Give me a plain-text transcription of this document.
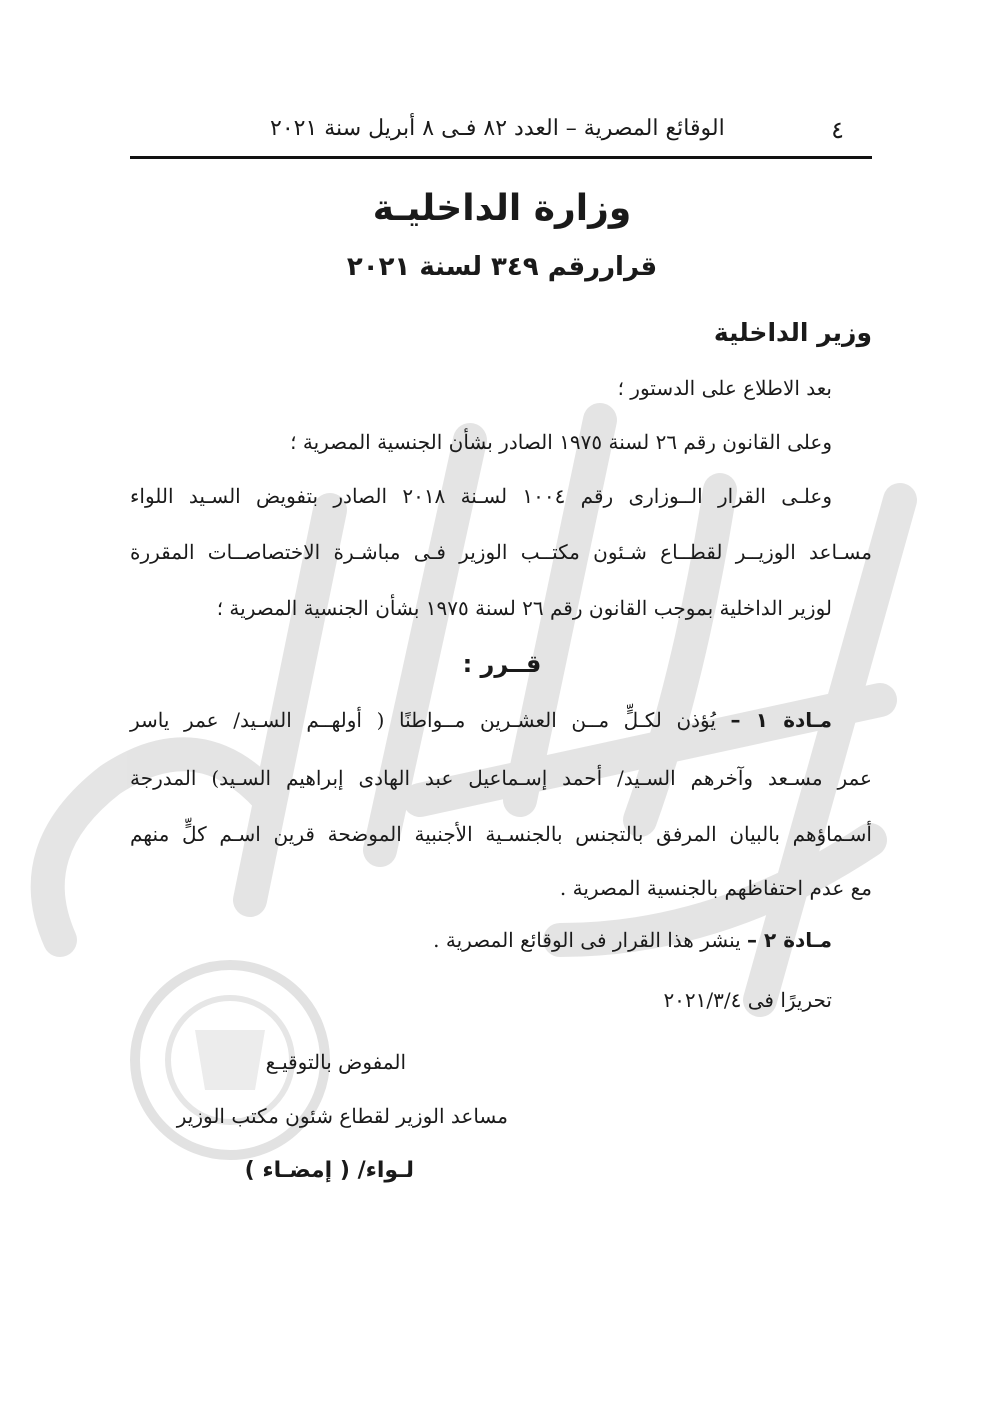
٤
الوقائع المصرية – العدد ٨٢ فـى ٨ أبريل سنة ٢٠٢١
وزارة الداخليـة
قراررقم ٣٤٩ لسنة ٢٠٢١
وزير الداخلية
بعد الاطلاع على الدستور ؛
وعلى القانون رقم ٢٦ لسنة ١٩٧٥ الصادر بشأن الجنسية المصرية ؛
وعلـى القرار الــوزارى رقم ١٠٠٤ لسـنة ٢٠١٨ الصادر بتفويض السـيد اللواء
مسـاعد الوزيــر لقطــاع شـئون مكتــب الوزير فـى مباشـرة الاختصاصــات المقررة
لوزير الداخلية بموجب القانون رقم ٢٦ لسنة ١٩٧٥ بشأن الجنسية المصرية ؛
قــرر :
مـادة ١ – يُؤذن لكـلٍّ مــن العشـرين مــواطنًا ( أولهــم السـيد/ عمر ياسر
عمر مسـعد وآخرهم السـيد/ أحمد إسـماعيل عبد الهادى إبراهيم السـيد) المدرجة
أسـماؤهم بالبيان المرفق بالتجنس بالجنسـية الأجنبية الموضحة قرين اسـم كلٍّ منهم
مع عدم احتفاظهم بالجنسية المصرية .
مـادة ٢ – ينشر هذا القرار فى الوقائع المصرية .
تحريرًا فى ٢٠٢١/٣/٤
المفوض بالتوقيـع
مساعد الوزير لقطاع شئون مكتب الوزير
لـواء/ ( إمضـاء )
